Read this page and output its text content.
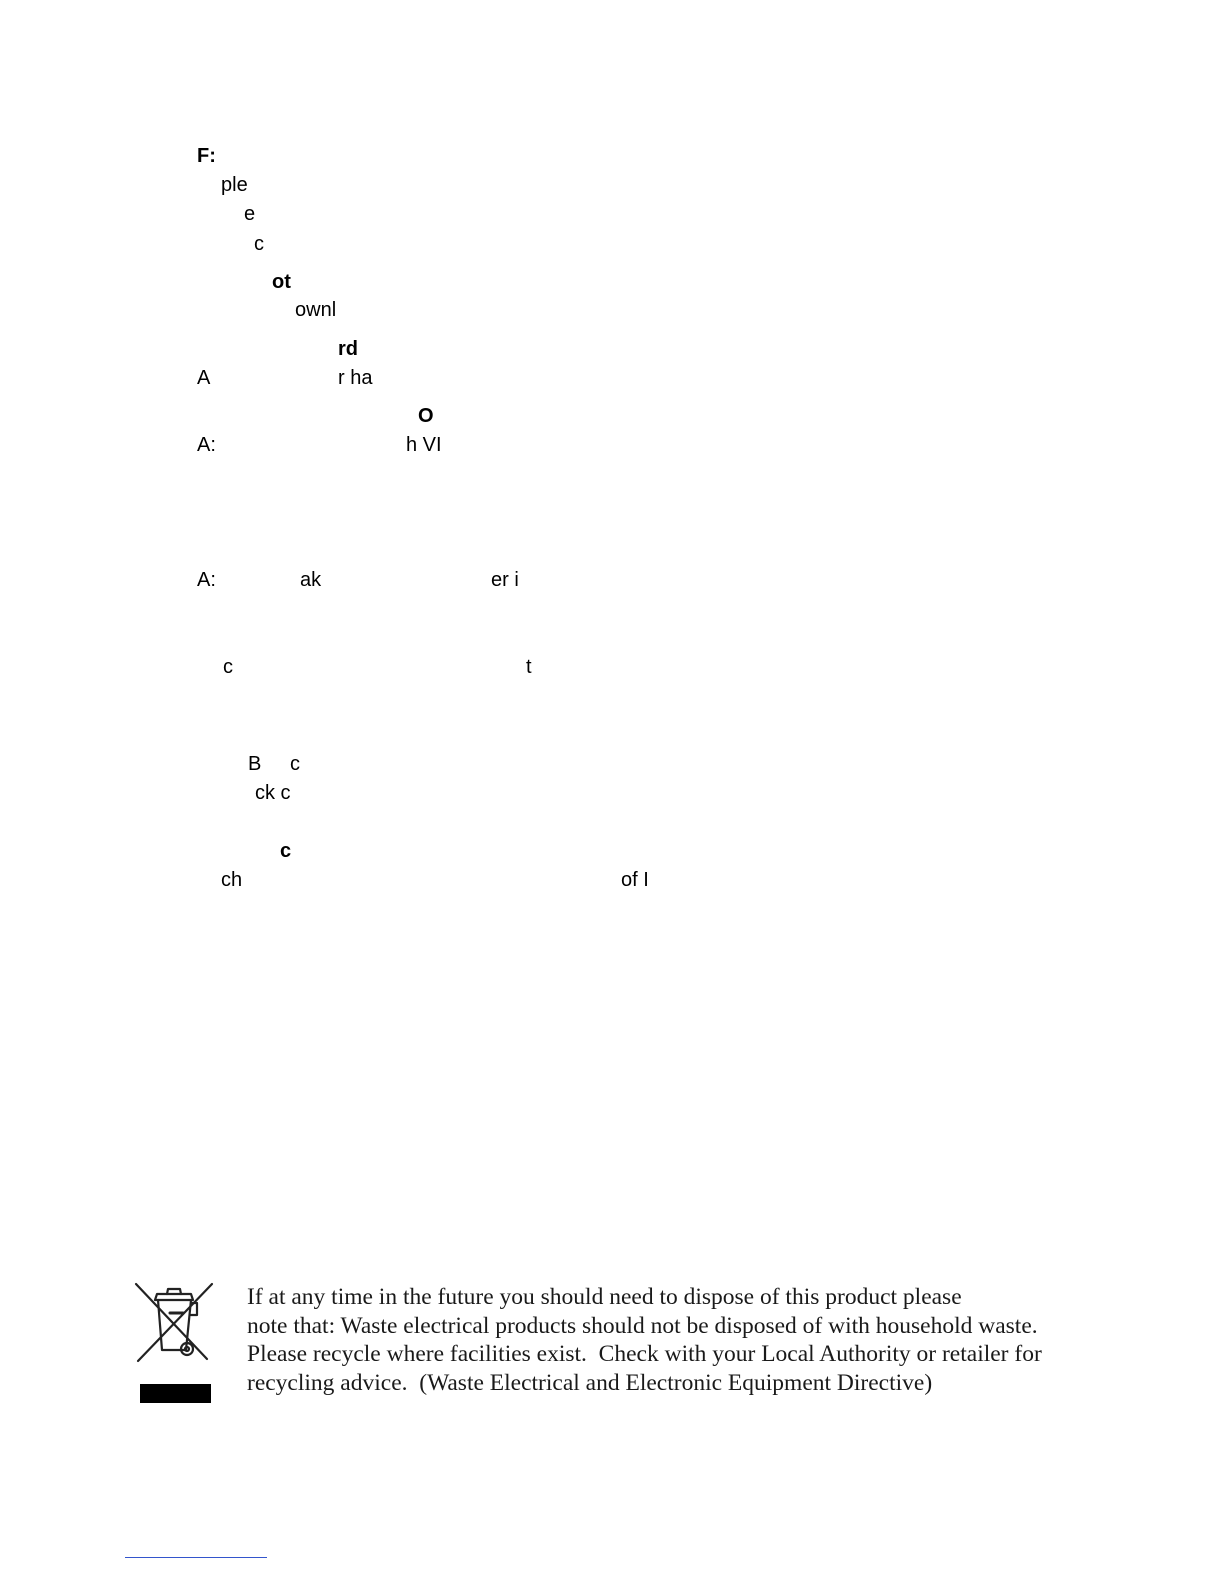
F:
ple
e
c
ot
ownl
rd
A	r ha
O
A:	h VI
A:	ak	er i
c	t
B c
ck c
c
ch	of I
If at any time in the future you should need to dispose of this product please
note that: Waste electrical products should not be disposed of with household waste.
Please recycle where facilities exist.  Check with your Local Authority or retailer for
recycling advice.  (Waste Electrical and Electronic Equipment Directive)
